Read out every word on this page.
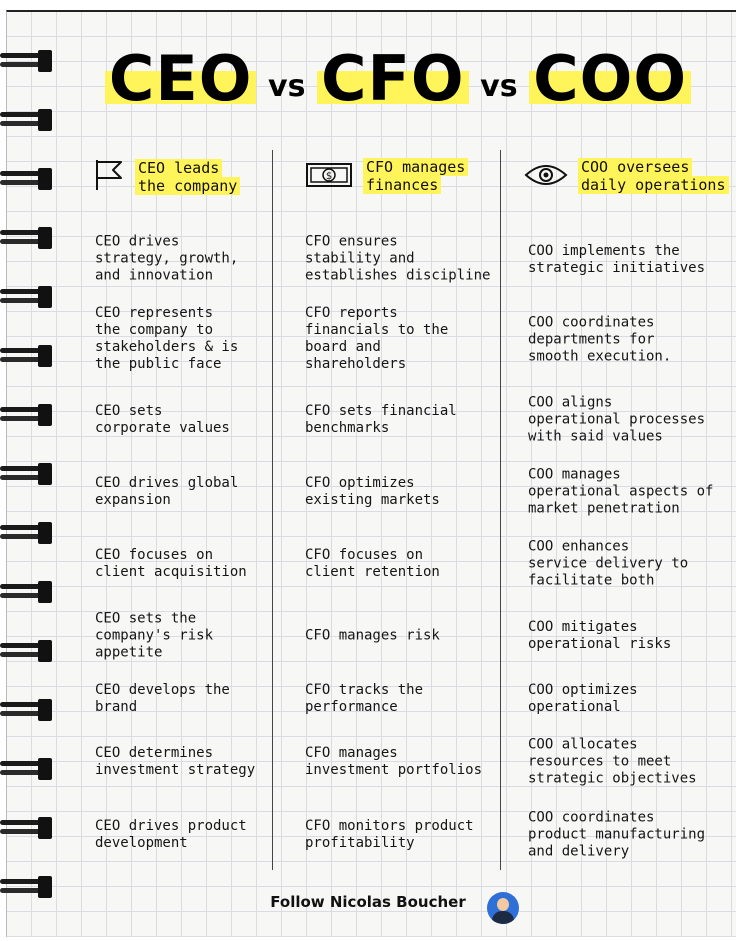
CEO vs CFO vs COO
CEO leads
the company
$ CFO manages
finances
COO oversees
daily operations
CEO drives
strategy, growth,
and innovation
CEO represents
the company to
stakeholders & is
the public face
CEO sets
corporate values
CEO drives global
expansion
CEO focuses on
client acquisition
CEO sets the
company's risk
appetite
CEO develops the
brand
CEO determines
investment strategy
CEO drives product
development
CFO ensures
stability and
establishes discipline
CFO reports
financials to the
board and
shareholders
CFO sets financial
benchmarks
CFO optimizes
existing markets
CFO focuses on
client retention
CFO manages risk
CFO tracks the
performance
CFO manages
investment portfolios
CFO monitors product
profitability
COO implements the
strategic initiatives
COO coordinates
departments for
smooth execution.
COO aligns
operational processes
with said values
COO manages
operational aspects of
market penetration
COO enhances
service delivery to
facilitate both
COO mitigates
operational risks
COO optimizes
operational
COO allocates
resources to meet
strategic objectives
COO coordinates
product manufacturing
and delivery
Follow Nicolas Boucher
